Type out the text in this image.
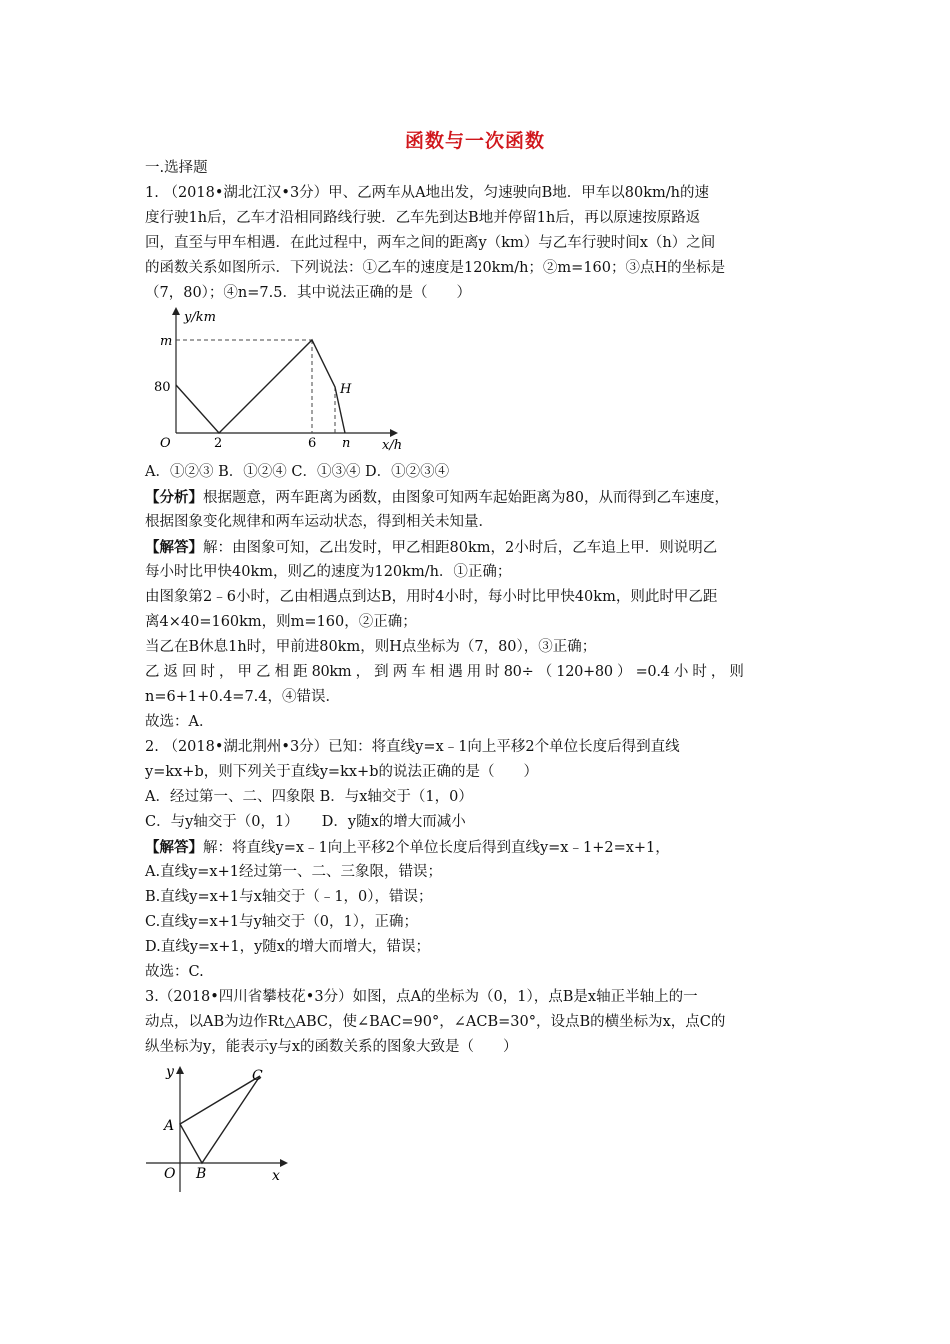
函数与一次函数
一.选择题
1. （2018•湖北江汉•3分）甲、乙两车从A地出发，匀速驶向B地．甲车以80km/h的速
度行驶1h后，乙车才沿相同路线行驶．乙车先到达B地并停留1h后，再以原速按原路返
回，直至与甲车相遇．在此过程中，两车之间的距离y（km）与乙车行驶时间x（h）之间
的函数关系如图所示．下列说法：①乙车的速度是120km/h；②m=160；③点H的坐标是
（7，80）；④n=7.5．其中说法正确的是（　　）
y/km
x/h
O
m
80
2	6 n
H
A．①②③ B．①②④ C．①③④ D．①②③④
【分析】根据题意，两车距离为函数，由图象可知两车起始距离为80，从而得到乙车速度，
根据图象变化规律和两车运动状态，得到相关未知量．
【解答】解：由图象可知，乙出发时，甲乙相距80km，2小时后，乙车追上甲．则说明乙
每小时比甲快40km，则乙的速度为120km/h．①正确；
由图象第2﹣6小时，乙由相遇点到达B，用时4小时，每小时比甲快40km，则此时甲乙距
离4×40=160km，则m=160，②正确；
当乙在B休息1h时，甲前进80km，则H点坐标为（7，80），③正确；
乙 返 回 时 ， 甲 乙 相 距 80km ， 到 两 车 相 遇 用 时 80÷ （ 120+80 ） =0.4 小 时 ， 则
n=6+1+0.4=7.4，④错误．
故选：A．
2. （2018•湖北荆州•3分）已知：将直线y=x﹣1向上平移2个单位长度后得到直线
y=kx+b，则下列关于直线y=kx+b的说法正确的是（　　）
A．经过第一、二、四象限 B．与x轴交于（1，0）
C．与y轴交于（0，1）     D．y随x的增大而减小
【解答】解：将直线y=x﹣1向上平移2个单位长度后得到直线y=x﹣1+2=x+1，
A.直线y=x+1经过第一、二、三象限，错误；
B.直线y=x+1与x轴交于（﹣1，0），错误；
C.直线y=x+1与y轴交于（0，1），正确；
D.直线y=x+1，y随x的增大而增大，错误；
故选：C.
3.（2018•四川省攀枝花•3分）如图，点A的坐标为（0，1），点B是x轴正半轴上的一
动点，以AB为边作Rt△ABC，使∠BAC=90°，∠ACB=30°，设点B的横坐标为x，点C的
纵坐标为y，能表示y与x的函数关系的图象大致是（　　）
y
x
O
A
B
C
